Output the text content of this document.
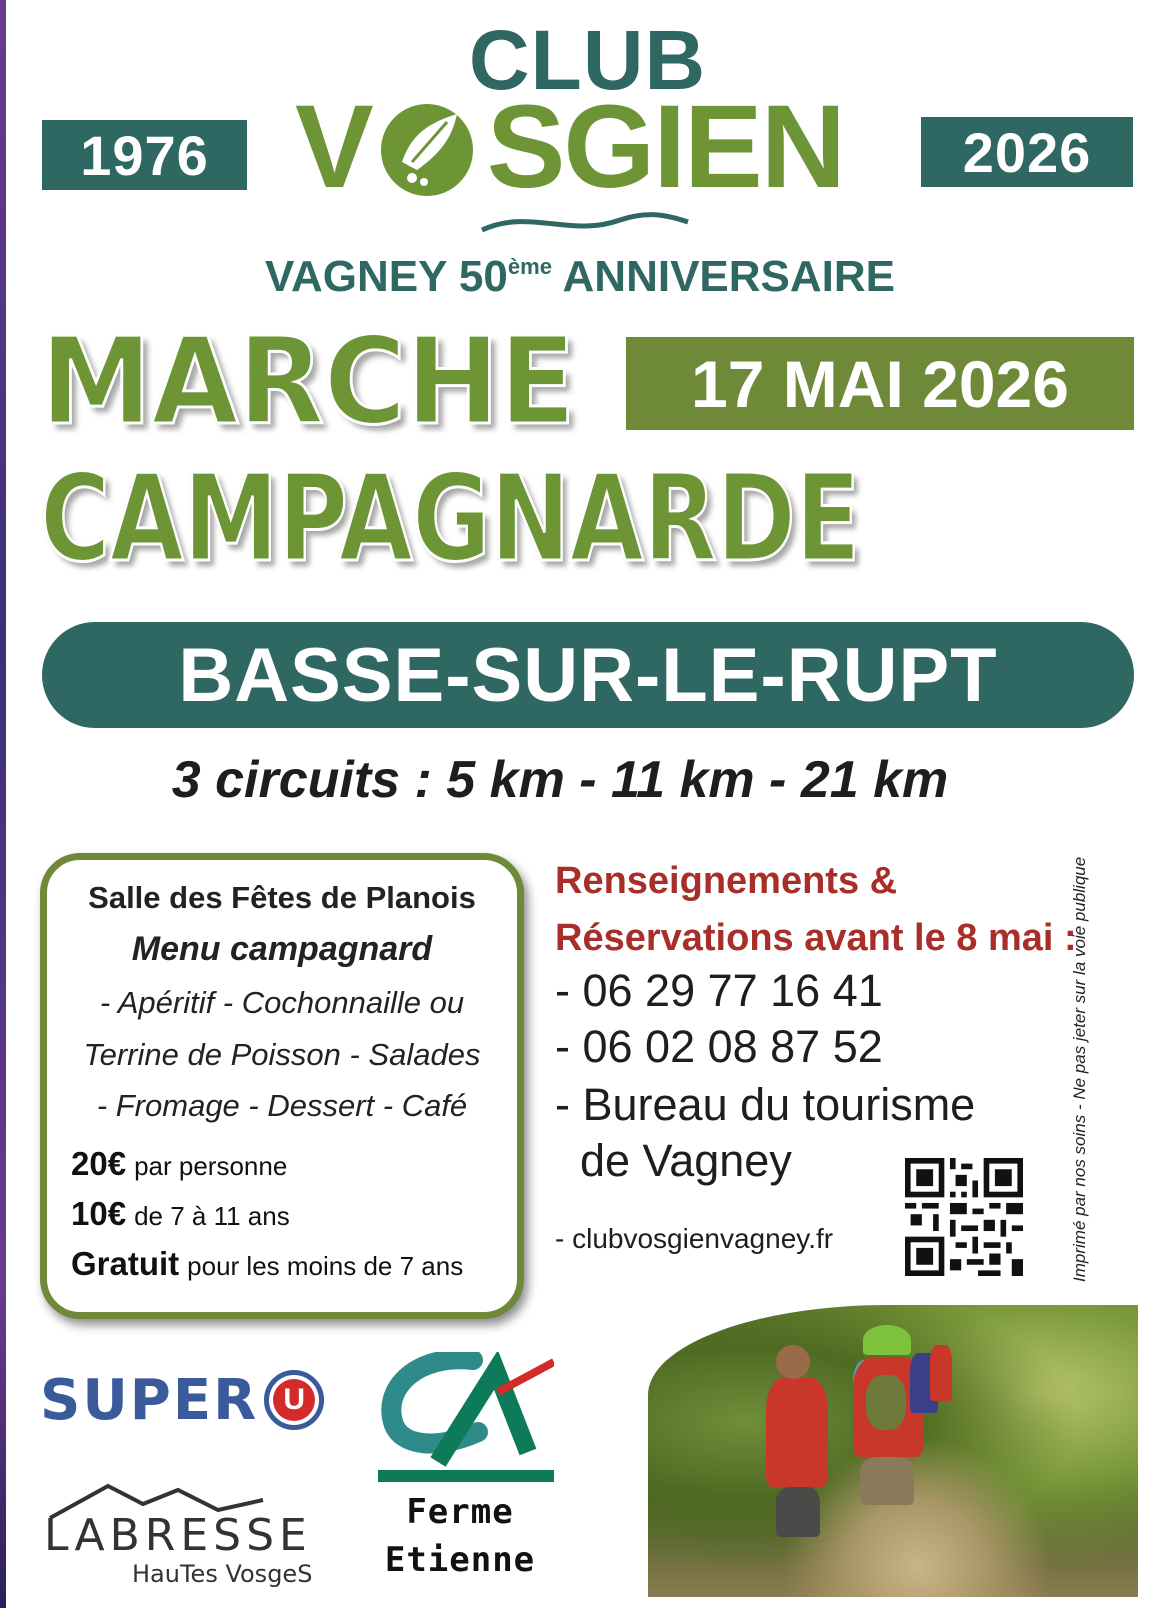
1976	2026
CLUB
V SGIEN
VAGNEY 50ème ANNIVERSAIRE
MARCHE 17 MAI 2026
CAMPAGNARDE
BASSE-SUR-LE-RUPT
3 circuits : 5 km - 11 km - 21 km
Salle des Fêtes de Planois
Menu campagnard
- Apéritif - Cochonnaille ou
Terrine de Poisson - Salades
- Fromage - Dessert - Café
20€ par personne
10€ de 7 à 11 ans
Gratuit pour les moins de 7 ans
Renseignements &
Réservations avant le 8 mai :
- 06 29 77 16 41
- 06 02 08 87 52
- Bureau du tourisme
de Vagney
- clubvosgienvagney.fr	Imprimé par nos soins - Ne pas jeter sur la voie publique
SUPER U
LABRESSE
HauTes VosgeS
Ferme
Etienne
